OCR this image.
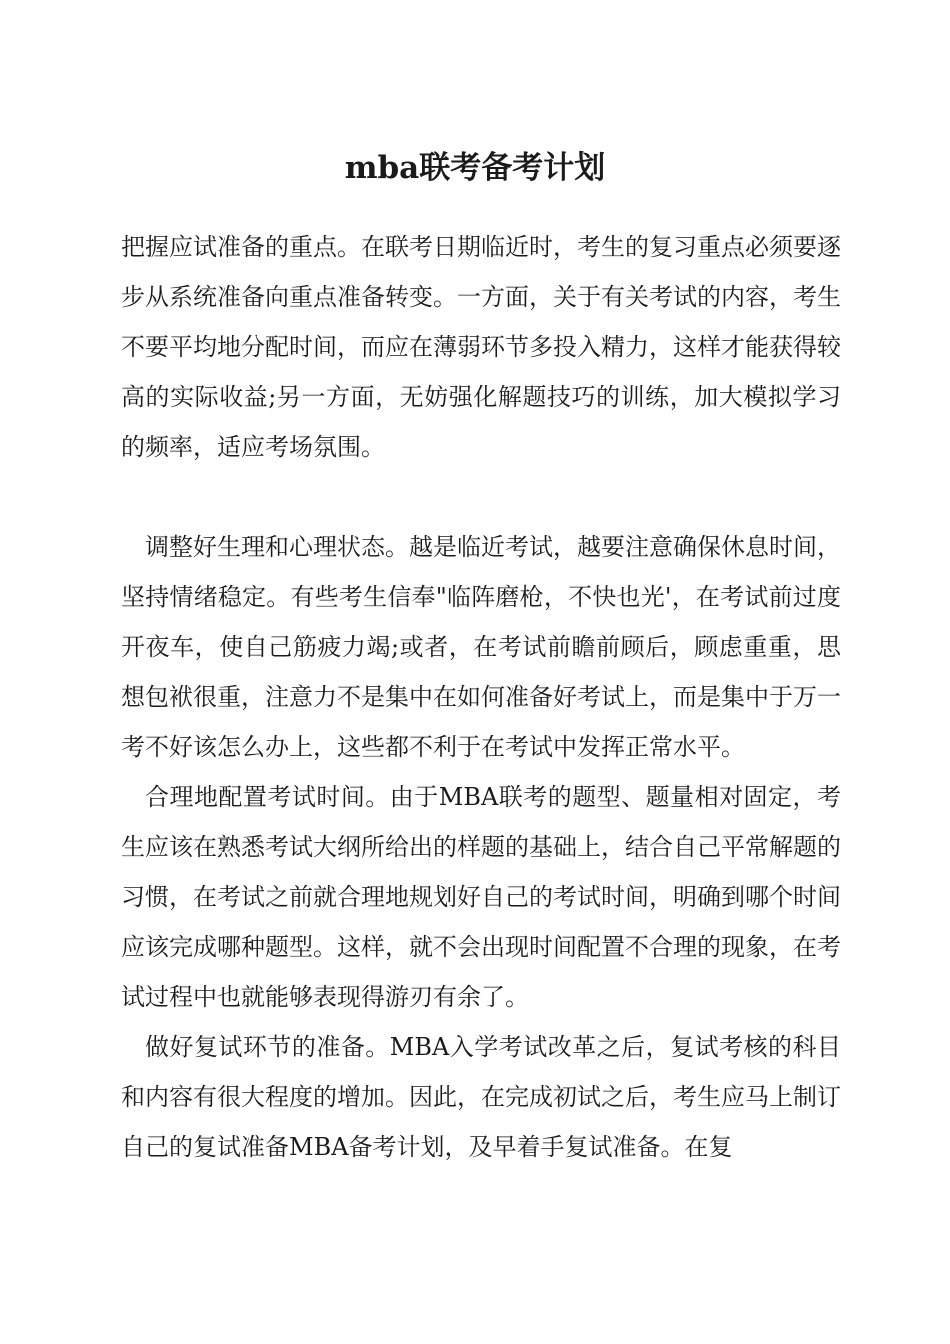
mba联考备考计划

把握应试准备的重点。在联考日期临近时，考生的复习重点必须要逐步从系统准备向重点准备转变。一方面，关于有关考试的内容，考生不要平均地分配时间，而应在薄弱环节多投入精力，这样才能获得较高的实际收益;另一方面，无妨强化解题技巧的训练，加大模拟学习的频率，适应考场氛围。

调整好生理和心理状态。越是临近考试，越要注意确保休息时间，坚持情绪稳定。有些考生信奉"临阵磨枪，不快也光'，在考试前过度开夜车，使自己筋疲力竭;或者，在考试前瞻前顾后，顾虑重重，思想包袱很重，注意力不是集中在如何准备好考试上，而是集中于万一考不好该怎么办上，这些都不利于在考试中发挥正常水平。

合理地配置考试时间。由于MBA联考的题型、题量相对固定，考生应该在熟悉考试大纲所给出的样题的基础上，结合自己平常解题的习惯，在考试之前就合理地规划好自己的考试时间，明确到哪个时间应该完成哪种题型。这样，就不会出现时间配置不合理的现象，在考试过程中也就能够表现得游刃有余了。

做好复试环节的准备。MBA入学考试改革之后，复试考核的科目和内容有很大程度的增加。因此，在完成初试之后，考生应马上制订自己的复试准备MBA备考计划，及早着手复试准备。在复
